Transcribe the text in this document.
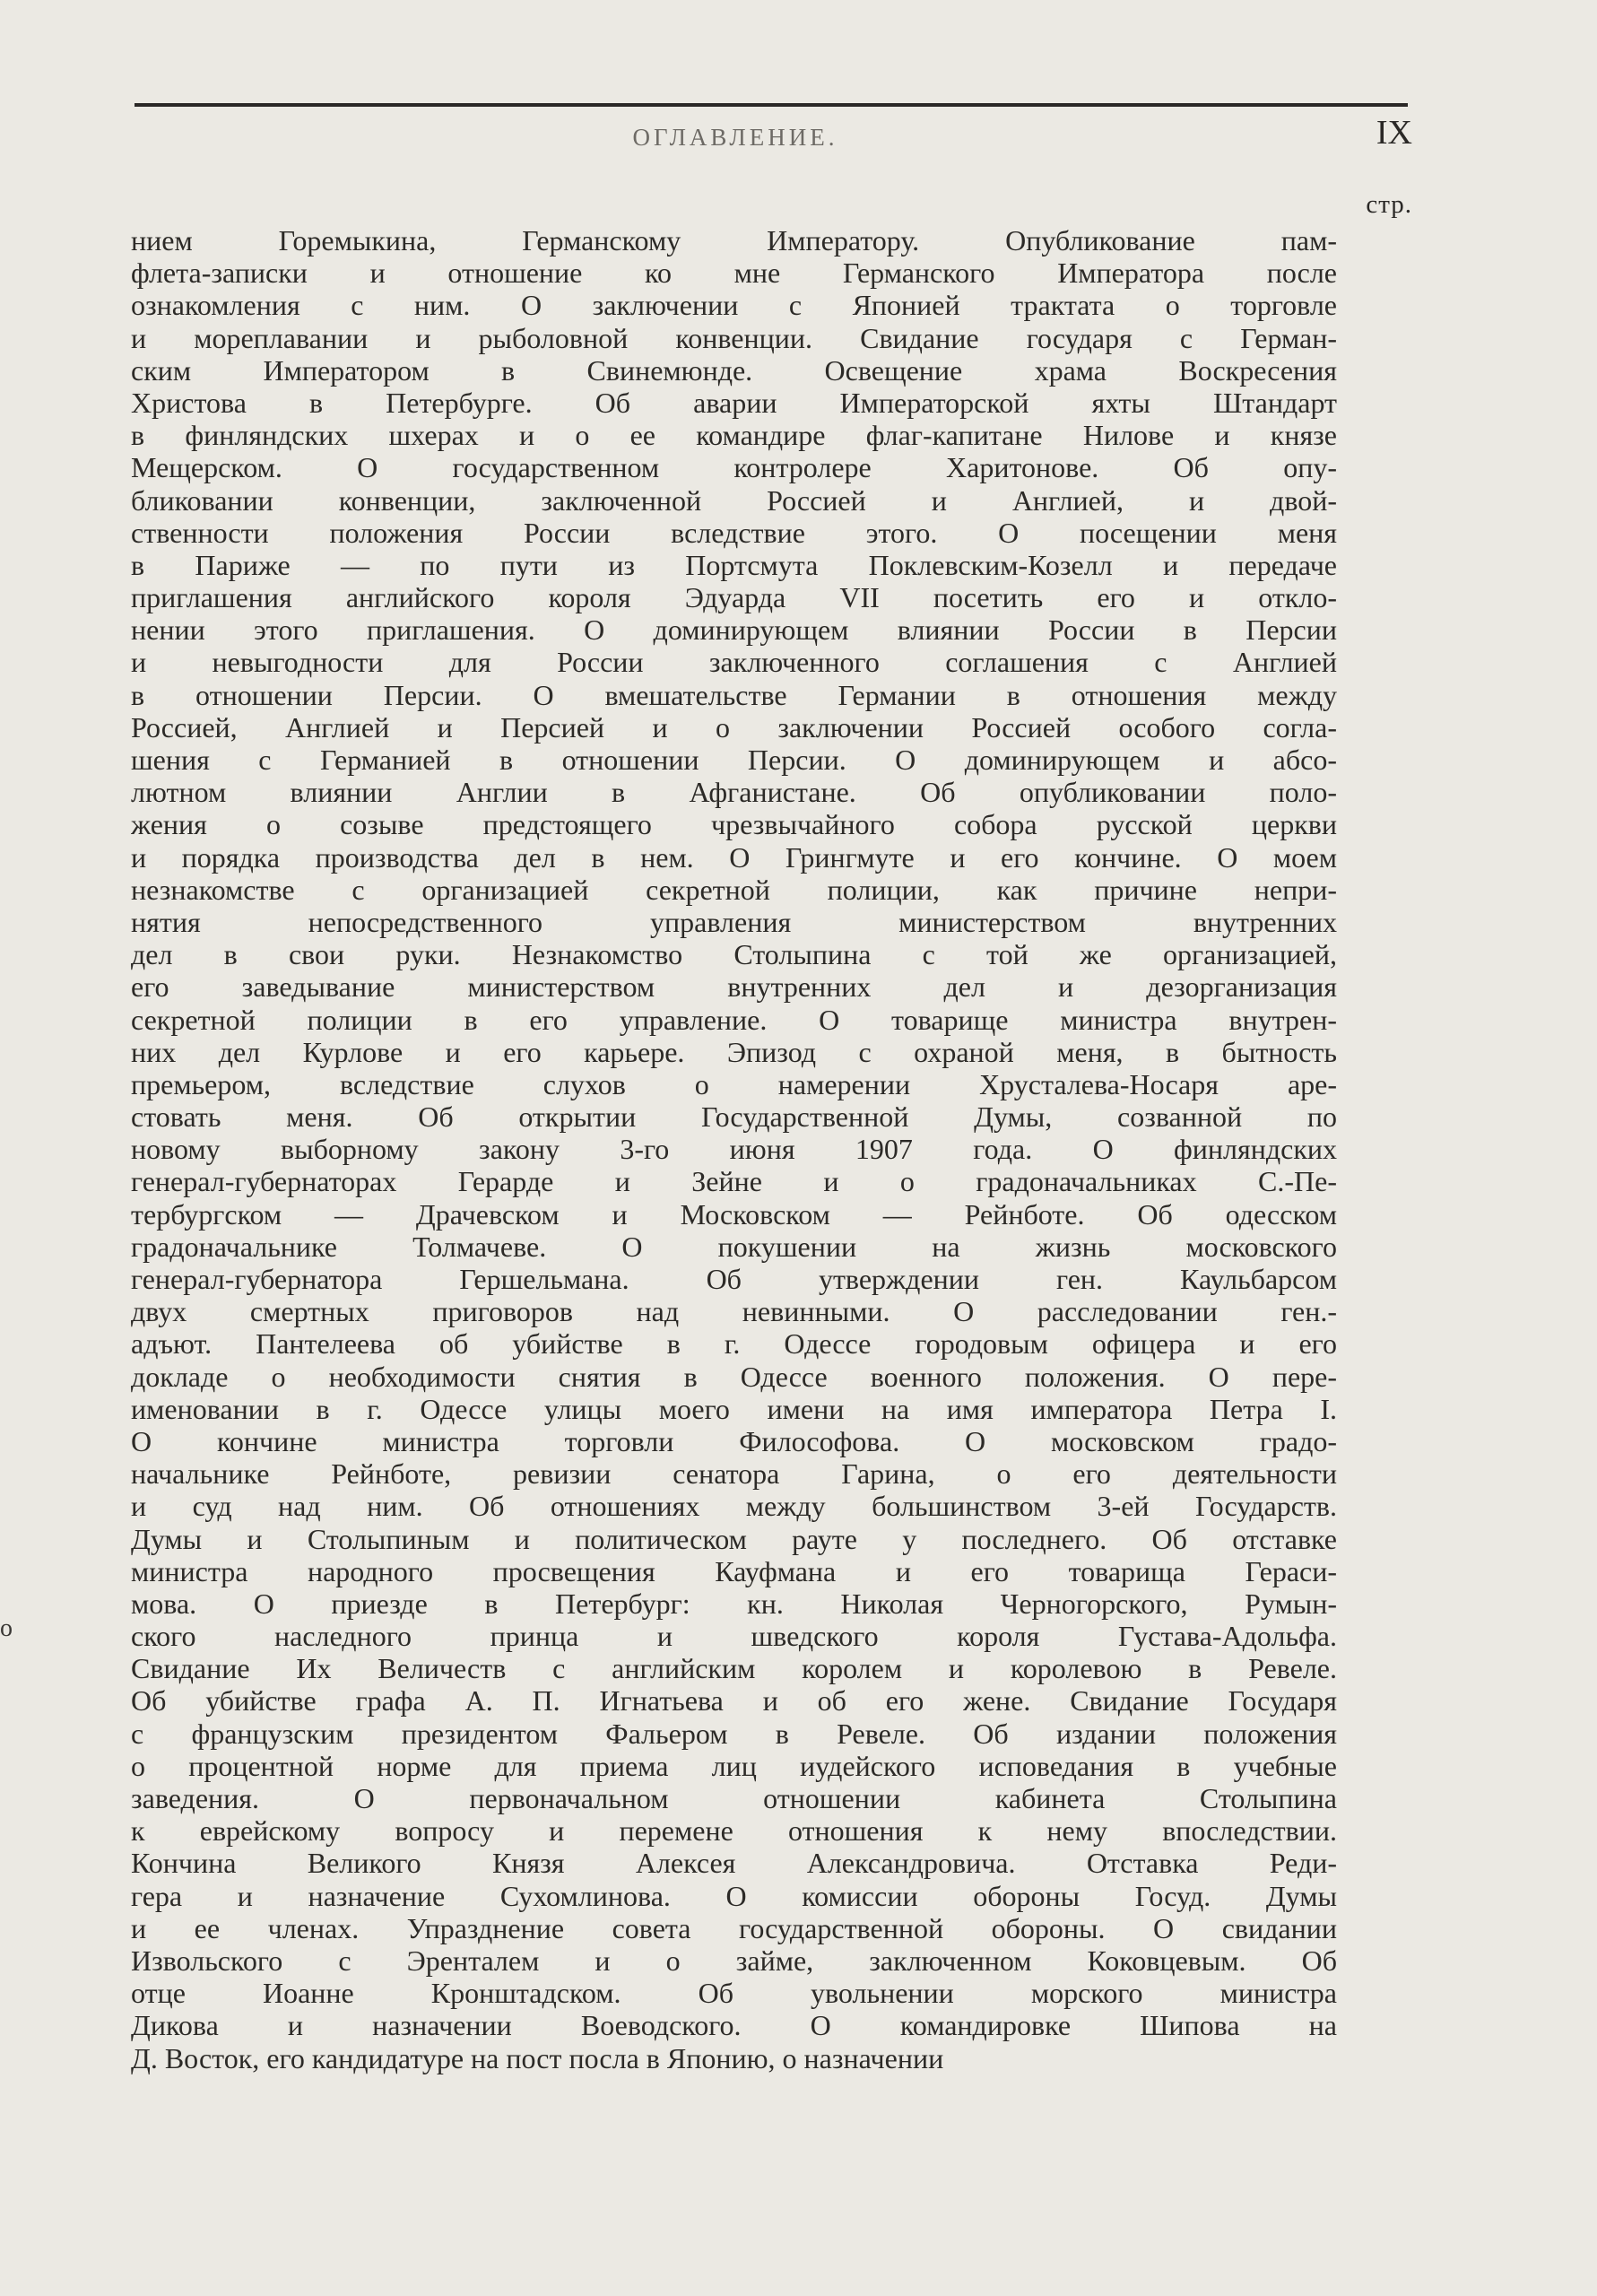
ОГЛАВЛЕНИЕ.	IX
стр.
о
нием Горемыкина, Германскому Императору. Опубликование пам-
флета-записки и отношение ко мне Германского Императора после
ознакомления с ним. О заключении с Японией трактата о торговле
и мореплавании и рыболовной конвенции. Свидание государя с Герман-
ским Императором в Свинемюнде. Освещение храма Воскресения
Христова в Петербурге. Об аварии Императорской яхты Штандарт
в финляндских шхерах и о ее командире флаг-капитане Нилове и князе
Мещерском. О государственном контролере Харитонове. Об опу-
бликовании конвенции, заключенной Россией и Англией, и двой-
ственности положения России вследствие этого. О посещении меня
в Париже — по пути из Портсмута Поклевским-Козелл и передаче
приглашения английского короля Эдуарда VII посетить его и откло-
нении этого приглашения. О доминирующем влиянии России в Персии
и невыгодности для России заключенного соглашения с Англией
в отношении Персии. О вмешательстве Германии в отношения между
Россией, Англией и Персией и о заключении Россией особого согла-
шения с Германией в отношении Персии. О доминирующем и абсо-
лютном влиянии Англии в Афганистане. Об опубликовании поло-
жения о созыве предстоящего чрезвычайного собора русской церкви
и порядка производства дел в нем. О Грингмуте и его кончине. О моем
незнакомстве с организацией секретной полиции, как причине непри-
нятия непосредственного управления министерством внутренних
дел в свои руки. Незнакомство Столыпина с той же организацией,
его заведывание министерством внутренних дел и дезорганизация
секретной полиции в его управление. О товарище министра внутрен-
них дел Курлове и его карьере. Эпизод с охраной меня, в бытность
премьером, вследствие слухов о намерении Хрусталева-Носаря аре-
стовать меня. Об открытии Государственной Думы, созванной по
новому выборному закону 3-го июня 1907 года. О финляндских
генерал-губернаторах Герарде и Зейне и о градоначальниках С.-Пе-
тербургском — Драчевском и Московском — Рейнботе. Об одесском
градоначальнике Толмачеве. О покушении на жизнь московского
генерал-губернатора Гершельмана. Об утверждении ген. Каульбарсом
двух смертных приговоров над невинными. О расследовании ген.-
адъют. Пантелеева об убийстве в г. Одессе городовым офицера и его
докладе о необходимости снятия в Одессе военного положения. О пере-
именовании в г. Одессе улицы моего имени на имя императора Петра I.
О кончине министра торговли Философова. О московском градо-
начальнике Рейнботе, ревизии сенатора Гарина, о его деятельности
и суд над ним. Об отношениях между большинством 3-ей Государств.
Думы и Столыпиным и политическом рауте у последнего. Об отставке
министра народного просвещения Кауфмана и его товарища Гераси-
мова. О приезде в Петербург: кн. Николая Черногорского, Румын-
ского наследного принца и шведского короля Густава-Адольфа.
Свидание Их Величеств с английским королем и королевою в Ревеле.
Об убийстве графа А. П. Игнатьева и об его жене. Свидание Государя
с французским президентом Фальером в Ревеле. Об издании положения
о процентной норме для приема лиц иудейского исповедания в учебные
заведения. О первоначальном отношении кабинета Столыпина
к еврейскому вопросу и перемене отношения к нему впоследствии.
Кончина Великого Князя Алексея Александровича. Отставка Реди-
гера и назначение Сухомлинова. О комиссии обороны Госуд. Думы
и ее членах. Упразднение совета государственной обороны. О свидании
Извольского с Эренталем и о займе, заключенном Коковцевым. Об
отце Иоанне Кронштадском. Об увольнении морского министра
Дикова и назначении Воеводского. О командировке Шипова на
Д. Восток, его кандидатуре на пост посла в Японию, о назначении
